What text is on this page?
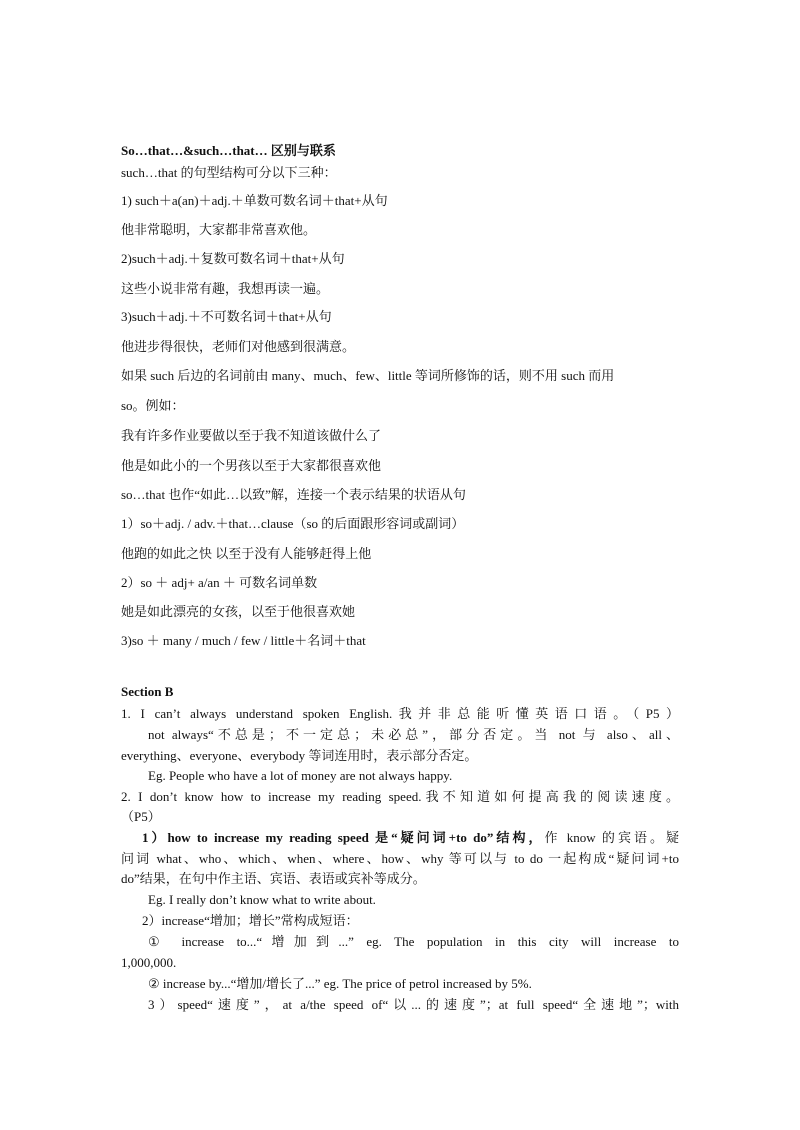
So…that…&such…that… 区别与联系
such…that 的句型结构可分以下三种：
1) such＋a(an)＋adj.＋单数可数名词＋that+从句
他非常聪明，大家都非常喜欢他。
2)such＋adj.＋复数可数名词＋that+从句
这些小说非常有趣，我想再读一遍。
3)such＋adj.＋不可数名词＋that+从句
他进步得很快，老师们对他感到很满意。
如果 such 后边的名词前由 many、much、few、little 等词所修饰的话，则不用 such 而用
so。例如：
我有许多作业要做以至于我不知道该做什么了
他是如此小的一个男孩以至于大家都很喜欢他
so…that 也作“如此…以致”解，连接一个表示结果的状语从句
1）so＋adj. / adv.＋that…clause（so 的后面跟形容词或副词）
他跑的如此之快 以至于没有人能够赶得上他
2）so ＋ adj+ a/an ＋ 可数名词单数
她是如此漂亮的女孩，以至于他很喜欢她
3)so ＋ many / much / few / little＋名词＋that
Section B
1. I can’t always understand spoken English.我并非总能听懂英语口语。（P5）
not always“不总是；不一定总；未必总”，部分否定。当 not 与 also、all、
everything、everyone、everybody 等词连用时，表示部分否定。
Eg. People who have a lot of money are not always happy.
2. I don’t know how to increase my reading speed.我不知道如何提高我的阅读速度。
（P5）
1）how to increase my reading speed 是“疑问词+to do”结构，作 know 的宾语。疑
问词 what、who、which、when、where、how、why 等可以与 to do 一起构成“疑问词+to
do”结果，在句中作主语、宾语、表语或宾补等成分。
Eg. I really don’t know what to write about.
2）increase“增加；增长”常构成短语：
① increase to...“增加到...” eg. The population in this city will increase to
1,000,000.
② increase by...“增加/增长了...” eg. The price of petrol increased by 5%.
3）speed“速度”，at a/the speed of“以...的速度”；at full speed“全速地”；with
